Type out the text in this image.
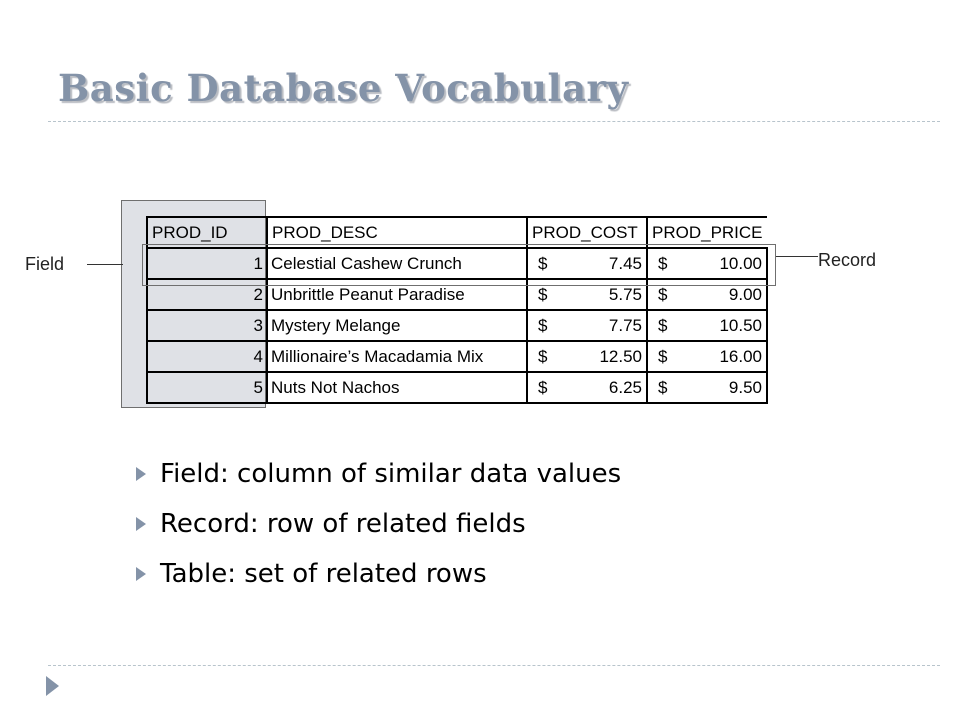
Basic Database Vocabulary
PROD_ID	PROD_DESC	PROD_COST	PROD_PRICE
1	Celestial Cashew Crunch	$ 7.45	$ 10.00

2	Unbrittle Peanut Paradise	$ 5.75	$ 9.00

3	Mystery Melange	$ 7.75	$ 10.50

4	Millionaire’s Macadamia Mix	$ 12.50	$ 16.00

5	Nuts Not Nachos	$ 6.25	$ 9.50
Field	Record
Field: column of similar data values
Record: row of related fields
Table: set of related rows
